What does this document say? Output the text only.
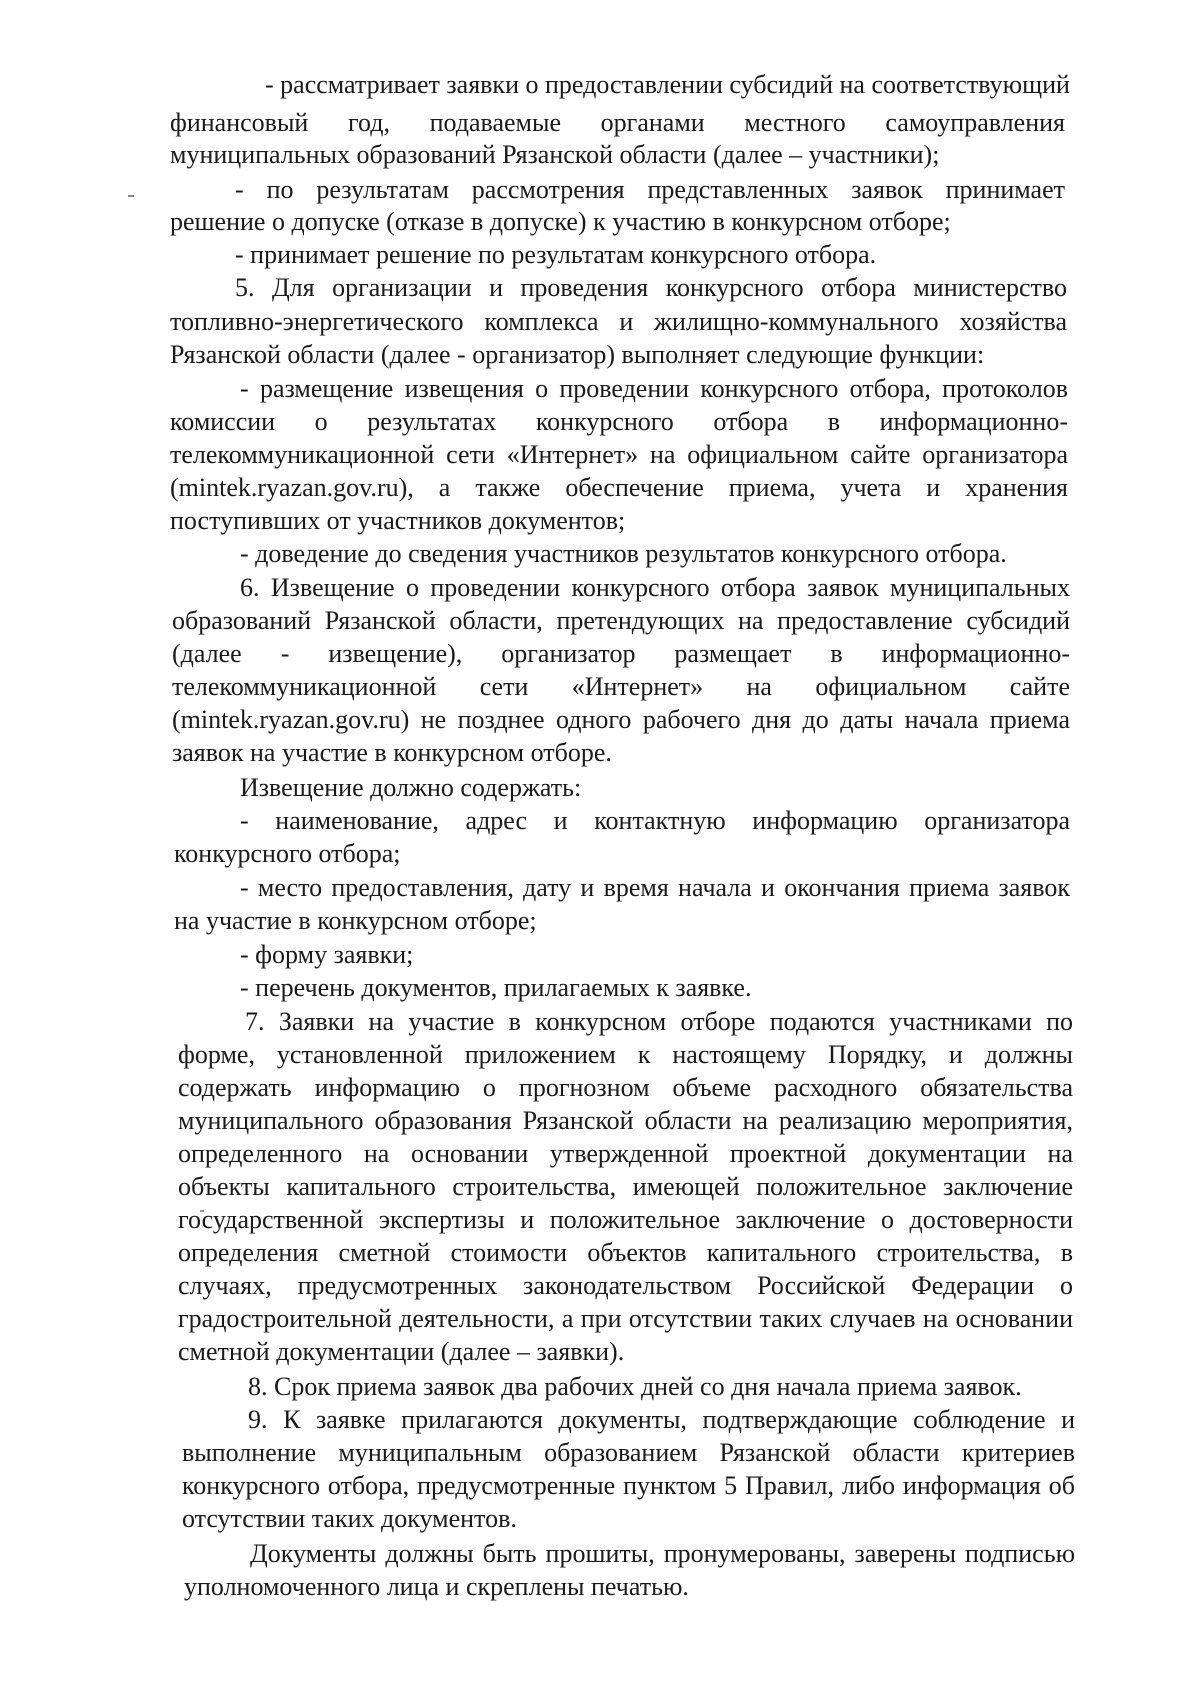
- рассматривает заявки о предоставлении субсидий на соответствующий
финансовый год, подаваемые органами местного самоуправления
муниципальных образований Рязанской области (далее – участники);
- по результатам рассмотрения представленных заявок принимает
решение о допуске (отказе в допуске) к участию в конкурсном отборе;
- принимает решение по результатам конкурсного отбора.
5. Для организации и проведения конкурсного отбора министерство
топливно-энергетического комплекса и жилищно-коммунального хозяйства
Рязанской области (далее - организатор) выполняет следующие функции:
- размещение извещения о проведении конкурсного отбора, протоколов
комиссии о результатах конкурсного отбора в информационно-
телекоммуникационной сети «Интернет» на официальном сайте организатора
(mintek.ryazan.gov.ru), а также обеспечение приема, учета и хранения
поступивших от участников документов;
- доведение до сведения участников результатов конкурсного отбора.
6. Извещение о проведении конкурсного отбора заявок муниципальных
образований Рязанской области, претендующих на предоставление субсидий
(далее - извещение), организатор размещает в информационно-
телекоммуникационной сети «Интернет» на официальном сайте
(mintek.ryazan.gov.ru) не позднее одного рабочего дня до даты начала приема
заявок на участие в конкурсном отборе.
Извещение должно содержать:
- наименование, адрес и контактную информацию организатора
конкурсного отбора;
- место предоставления, дату и время начала и окончания приема заявок
на участие в конкурсном отборе;
- форму заявки;
- перечень документов, прилагаемых к заявке.
7. Заявки на участие в конкурсном отборе подаются участниками по
форме, установленной приложением к настоящему Порядку, и должны
содержать информацию о прогнозном объеме расходного обязательства
муниципального образования Рязанской области на реализацию мероприятия,
определенного на основании утвержденной проектной документации на
объекты капитального строительства, имеющей положительное заключение
государственной экспертизы и положительное заключение о достоверности
определения сметной стоимости объектов капитального строительства, в
случаях, предусмотренных законодательством Российской Федерации о
градостроительной деятельности, а при отсутствии таких случаев на основании
сметной документации (далее – заявки).
8. Срок приема заявок два рабочих дней со дня начала приема заявок.
9. К заявке прилагаются документы, подтверждающие соблюдение и
выполнение муниципальным образованием Рязанской области критериев
конкурсного отбора, предусмотренные пунктом 5 Правил, либо информация об
отсутствии таких документов.
Документы должны быть прошиты, пронумерованы, заверены подписью
уполномоченного лица и скреплены печатью.
